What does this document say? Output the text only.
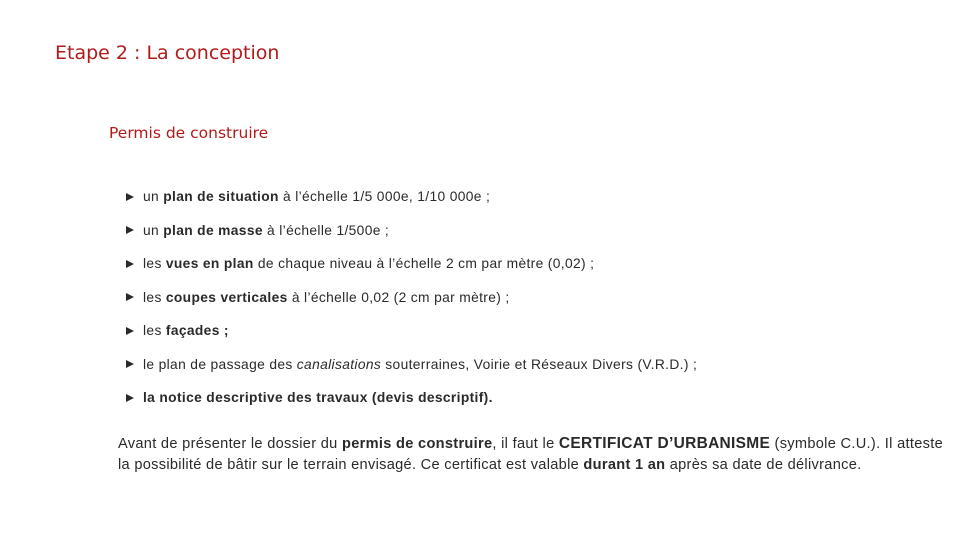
Etape 2 : La conception
Permis de construire
un plan de situation à l’échelle 1/5 000e, 1/10 000e ;
un plan de masse à l’échelle 1/500e ;
les vues en plan de chaque niveau à l’échelle 2 cm par mètre (0,02) ;
les coupes verticales à l’échelle 0,02 (2 cm par mètre) ;
les façades ;
le plan de passage des canalisations souterraines, Voirie et Réseaux Divers (V.R.D.) ;
la notice descriptive des travaux (devis descriptif).

Avant de présenter le dossier du permis de construire, il faut le CERTIFICAT D’URBANISME (symbole C.U.). Il atteste la possibilité de bâtir sur le terrain envisagé. Ce certificat est valable durant 1 an après sa date de délivrance.
